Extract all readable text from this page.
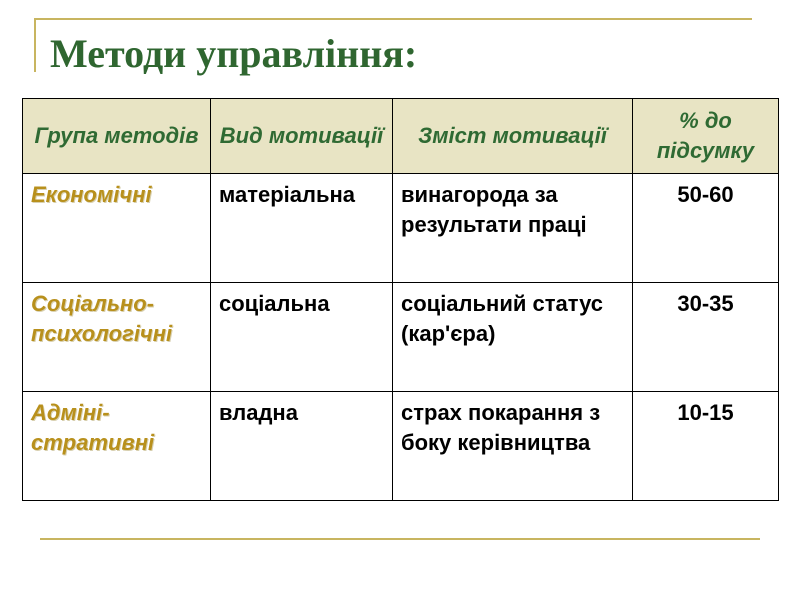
Методи управління:
Група методів	Вид мотивації	Зміст мотивації	% до підсумку
Економічні	матеріальна	винагорода за результати праці	50-60
Соціально-психологічні	соціальна	соціальний статус (кар'єра)	30-35
Адміні-стративні	владна	страх покарання з боку керівництва	10-15
